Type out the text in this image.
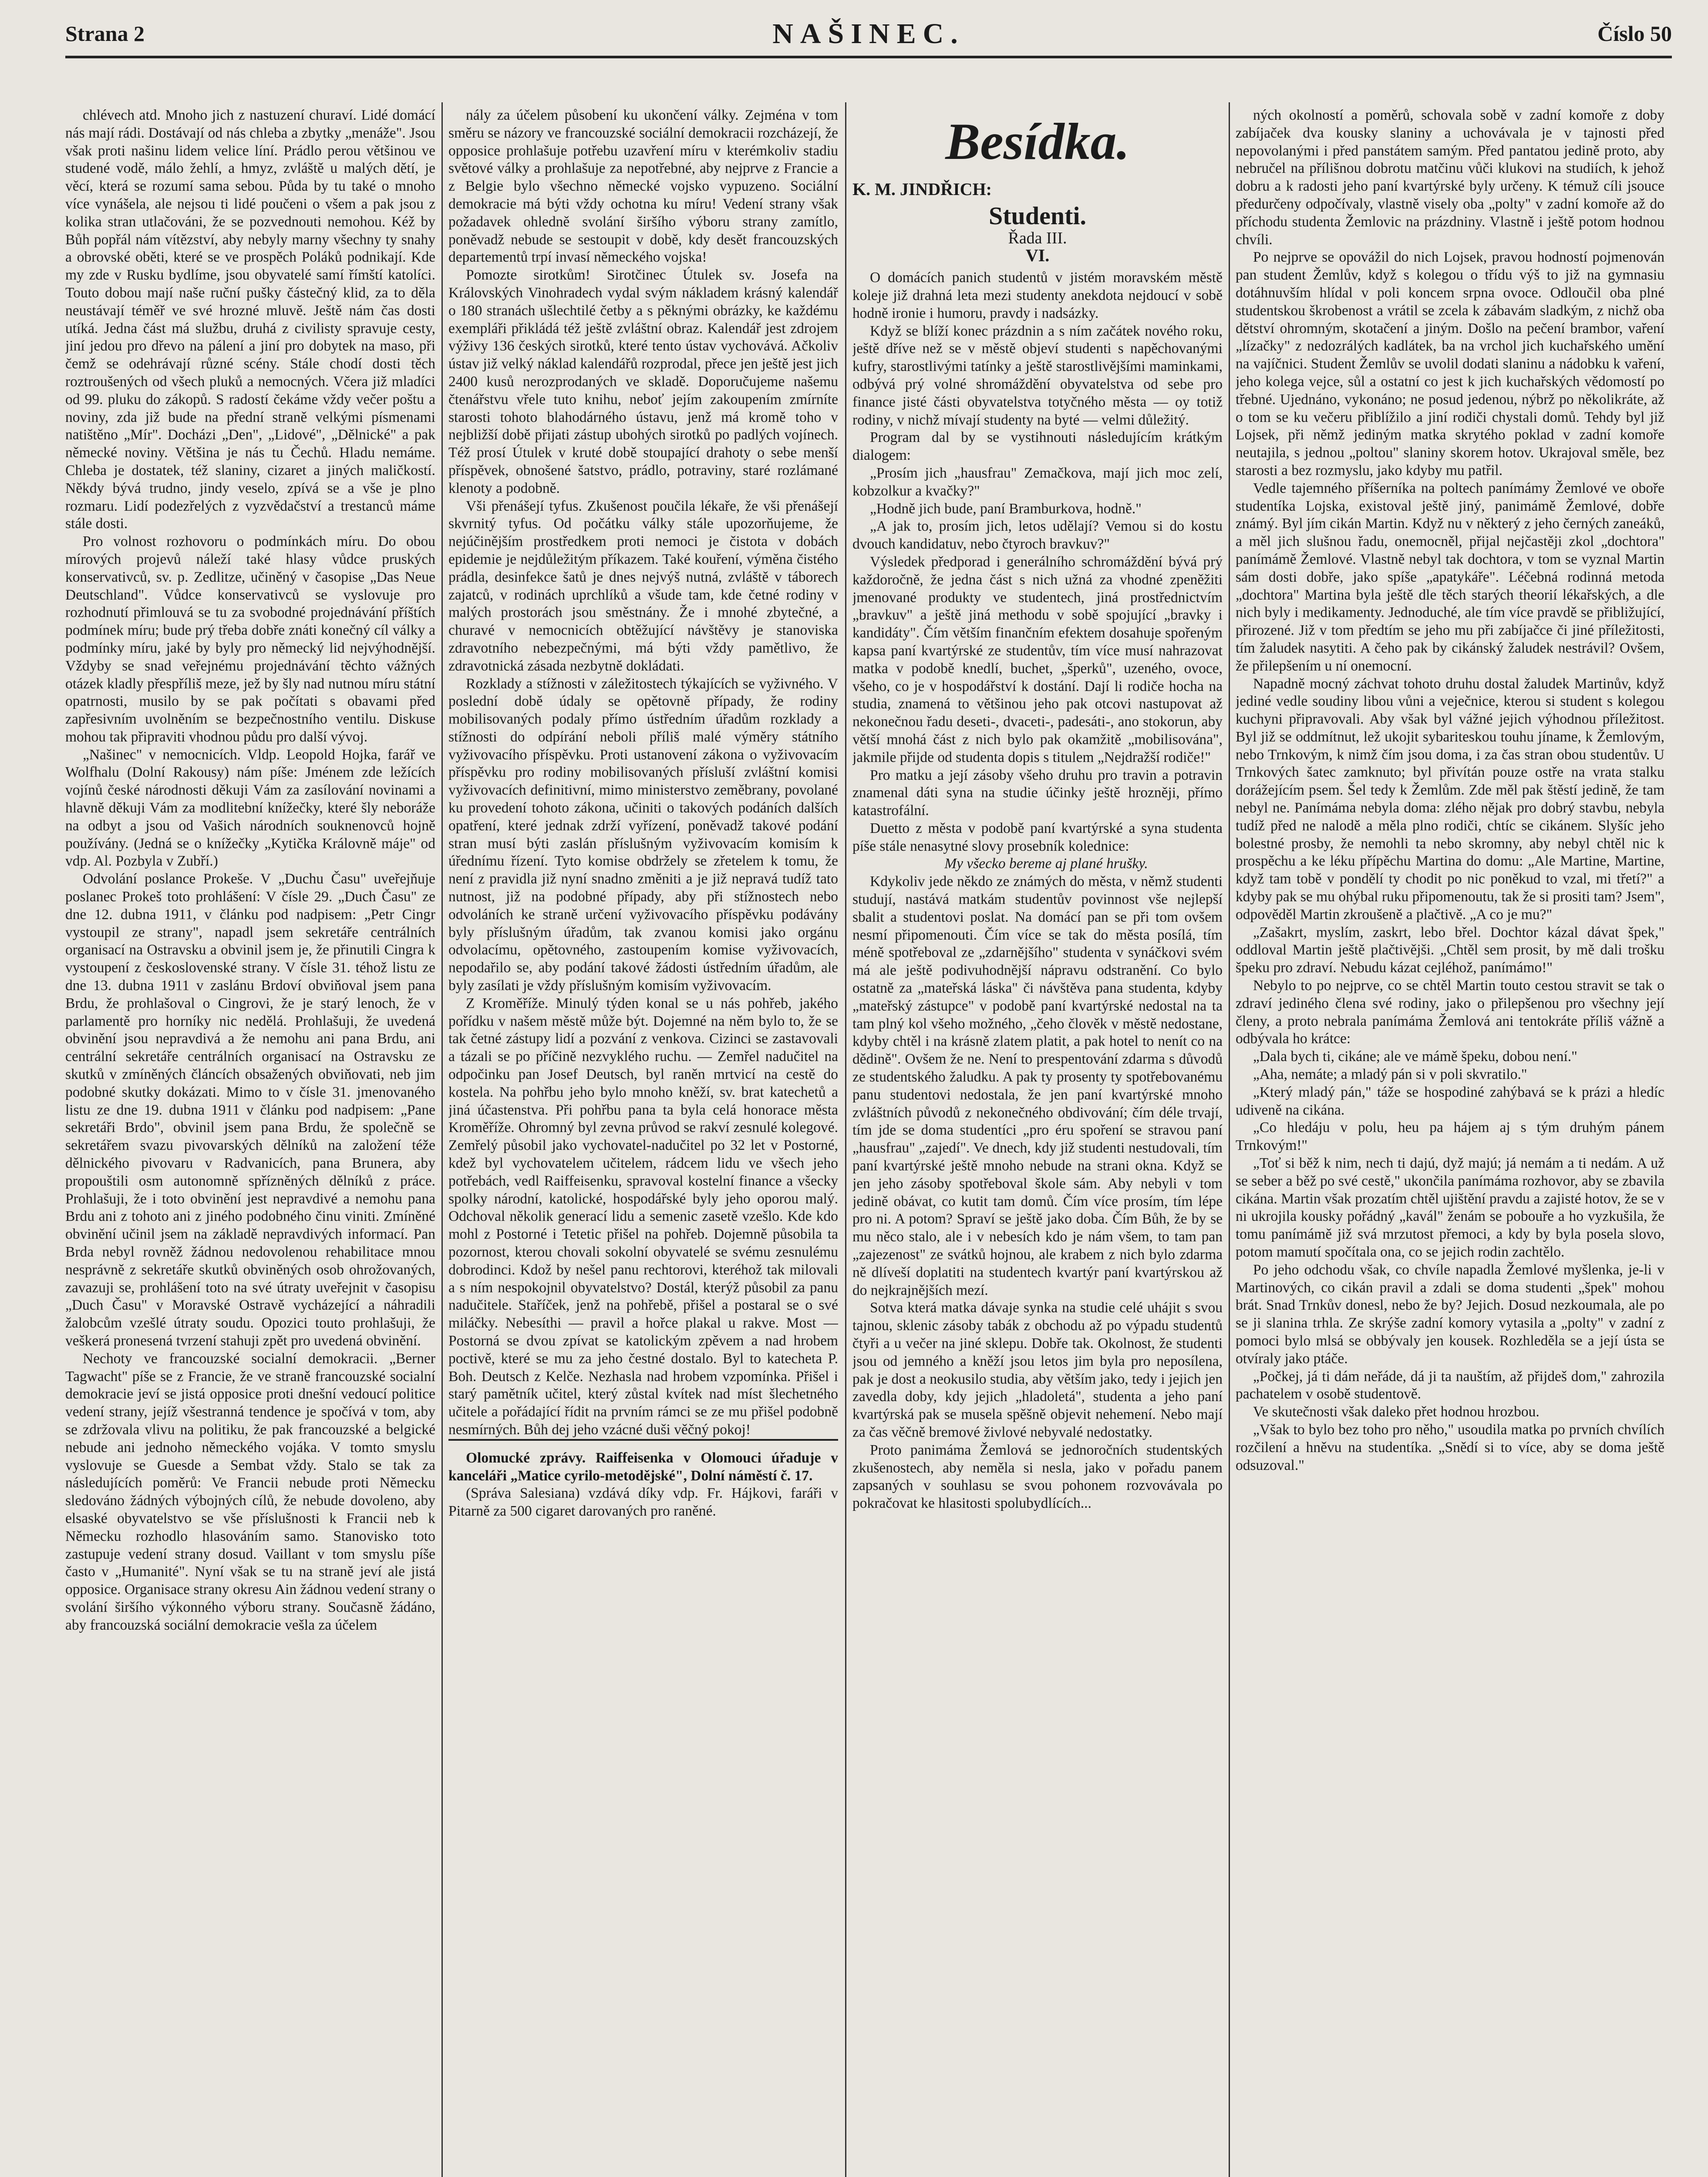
Strana 2	NAŠINEC.	Číslo 50

chlévech atd. Mnoho jich z nastuzení churaví. Lidé domácí nás mají rádi. Dostávají od nás chleba a zbytky „menáže". Jsou však proti našinu lidem velice líní. Prádlo perou většinou ve studené vodě, málo žehlí, a hmyz, zvláště u malých dětí, je věcí, která se rozumí sama sebou. Půda by tu také o mnoho více vynášela, ale nejsou ti lidé poučeni o všem a pak jsou z kolika stran utlačováni, že se pozvednouti nemohou. Kéž by Bůh popřál nám vítězství, aby nebyly marny všechny ty snahy a obrovské oběti, které se ve prospěch Poláků podnikají. Kde my zde v Rusku bydlíme, jsou obyvatelé samí římští katolíci. Touto dobou mají naše ruční pušky částečný klid, za to děla neustávají téměř ve své hrozné mluvě. Ještě nám čas dosti utíká. Jedna část má službu, druhá z civilisty spravuje cesty, jiní jedou pro dřevo na pálení a jiní pro dobytek na maso, při čemž se odehrávají různé scény. Stále chodí dosti těch roztroušených od všech pluků a nemocných. Včera již mladíci od 99. pluku do zákopů. S radostí čekáme vždy večer poštu a noviny, zda již bude na přední straně velkými písmenami natištěno „Mír". Docházi „Den", „Lidové", „Dělnické" a pak německé noviny. Většina je nás tu Čechů. Hladu nemáme. Chleba je dostatek, též slaniny, cizaret a jiných maličkostí. Někdy bývá trudno, jindy veselo, zpívá se a vše je plno rozmaru. Lidí podezřelých z vyzvědačství a trestanců máme stále dosti.

Pro volnost rozhovoru o podmínkách míru. Do obou mírových projevů náleží také hlasy vůdce pruských konservativců, sv. p. Zedlitze, učiněný v časopise „Das Neue Deutschland". Vůdce konservativců se vyslovuje pro rozhodnutí přimlouvá se tu za svobodné projednávání příštích podmínek míru; bude prý třeba dobře znáti konečný cíl války a podmínky míru, jaké by byly pro německý lid nejvýhodnější. Vždyby se snad veřejnému projednávání těchto vážných otázek kladly přespříliš meze, jež by šly nad nutnou míru státní opatrnosti, musilo by se pak počítati s obavami před zapřesivním uvolněním se bezpečnostního ventilu. Diskuse mohou tak připraviti vhodnou půdu pro další vývoj.

„Našinec" v nemocnicích. Vldp. Leopold Hojka, farář ve Wolfhalu (Dolní Rakousy) nám píše: Jménem zde ležících vojínů české národnosti děkuji Vám za zasílování novinami a hlavně děkuji Vám za modlitební knížečky, které šly neboráže na odbyt a jsou od Vašich národních souknenovců hojně používány. (Jedná se o knížečky „Kytička Královně máje" od vdp. Al. Pozbyla v Zubří.)

Odvolání poslance Prokeše. V „Duchu Času" uveřejňuje poslanec Prokeš toto prohlášení: V čísle 29. „Duch Času" ze dne 12. dubna 1911, v článku pod nadpisem: „Petr Cingr vystoupil ze strany", napadl jsem sekretáře centrálních organisací na Ostravsku a obvinil jsem je, že přinutili Cingra k vystoupení z československé strany. V čísle 31. téhož listu ze dne 13. dubna 1911 v zaslánu Brdoví obviňoval jsem pana Brdu, že prohlašoval o Cingrovi, že je starý lenoch, že v parlamentě pro horníky nic nedělá. Prohlašuji, že uvedená obvinění jsou nepravdivá a že nemohu ani pana Brdu, ani centrální sekretáře centrálních organisací na Ostravsku ze skutků v zmíněných článcích obsažených obviňovati, neb jim podobné skutky dokázati. Mimo to v čísle 31. jmenovaného listu ze dne 19. dubna 1911 v článku pod nadpisem: „Pane sekretáři Brdo", obvinil jsem pana Brdu, že společně se sekretářem svazu pivovarských dělníků na založení téže dělnického pivovaru v Radvanicích, pana Brunera, aby propouštili osm autonomně spřízněných dělníků z práce. Prohlašuji, že i toto obvinění jest nepravdivé a nemohu pana Brdu ani z tohoto ani z jiného podobného činu viniti. Zmíněné obvinění učinil jsem na základě nepravdivých informací. Pan Brda nebyl rovněž žádnou nedovolenou rehabilitace mnou nesprávně z sekretáře skutků obviněných osob ohrožovaných, zavazuji se, prohlášení toto na své útraty uveřejnit v časopisu „Duch Času" v Moravské Ostravě vycházející a náhradili žalobcům vzešlé útraty soudu. Opozici touto prohlašuji, že veškerá pronesená tvrzení stahuji zpět pro uvedená obvinění.

Nechoty ve francouzské socialní demokracii. „Berner Tagwacht" píše se z Francie, že ve straně francouzské socialní demokracie jeví se jistá opposice proti dnešní vedoucí politice vedení strany, jejíž všestranná tendence je spočívá v tom, aby se zdržovala vlivu na politiku, že pak francouzské a belgické nebude ani jednoho německého vojáka. V tomto smyslu vyslovuje se Guesde a Sembat vždy. Stalo se tak za následujících poměrů: Ve Francii nebude proti Německu sledováno žádných výbojných cílů, že nebude dovoleno, aby elsaské obyvatelstvo se vše příslušnosti k Francii neb k Německu rozhodlo hlasováním samo. Stanovisko toto zastupuje vedení strany dosud. Vaillant v tom smyslu píše často v „Humanité". Nyní však se tu na straně jeví ale jistá opposice. Organisace strany okresu Ain žádnou vedení strany o svolání širšího výkonného výboru strany. Současně žádáno, aby francouzská sociální demokracie vešla za účelem

nály za účelem působení ku ukončení války. Zejména v tom směru se názory ve francouzské sociální demokracii rozcházejí, že opposice prohlašuje potřebu uzavření míru v kterémkoliv stadiu světové války a prohlašuje za nepotřebné, aby nejprve z Francie a z Belgie bylo všechno německé vojsko vypuzeno. Sociální demokracie má býti vždy ochotna ku míru! Vedení strany však požadavek ohledně svolání širšího výboru strany zamítlo, poněvadž nebude se sestoupit v době, kdy desět francouzských departementů trpí invasí německého vojska!

Pomozte sirotkům! Sirotčinec Útulek sv. Josefa na Královských Vinohradech vydal svým nákladem krásný kalendář o 180 stranách ušlechtilé četby a s pěknými obrázky, ke každému exempláři přikládá též ještě zvláštní obraz. Kalendář jest zdrojem výživy 136 českých sirotků, které tento ústav vychovává. Ačkoliv ústav již velký náklad kalendářů rozprodal, přece jen ještě jest jich 2400 kusů nerozprodaných ve skladě. Doporučujeme našemu čtenářstvu vřele tuto knihu, neboť jejím zakoupením zmírníte starosti tohoto blahodárného ústavu, jenž má kromě toho v nejbližší době přijati zástup ubohých sirotků po padlých vojínech. Též prosí Útulek v kruté době stoupající drahoty o sebe menší příspěvek, obnošené šatstvo, prádlo, potraviny, staré rozlámané klenoty a podobně.

Vši přenášejí tyfus. Zkušenost poučila lékaře, že vši přenášejí skvrnitý tyfus. Od počátku války stále upozorňujeme, že nejúčinějším prostředkem proti nemoci je čistota v dobách epidemie je nejdůležitým příkazem. Také kouření, výměna čistého prádla, desinfekce šatů je dnes nejvýš nutná, zvláště v táborech zajatců, v rodinách uprchlíků a všude tam, kde četné rodiny v malých prostorách jsou směstnány. Že i mnohé zbytečné, a churavé v nemocnicích obtěžující návštěvy je stanoviska zdravotního nebezpečnými, má býti vždy pamětlivo, že zdravotnická zásada nezbytně dokládati.

Rozklady a stížnosti v záležitostech týkajících se vyživného. V poslední době údaly se opětovně případy, že rodiny mobilisovaných podaly přímo ústředním úřadům rozklady a stížnosti do odpírání neboli příliš malé výměry státního vyživovacího příspěvku. Proti ustanovení zákona o vyživovacím příspěvku pro rodiny mobilisovaných přísluší zvláštní komisi vyživovacích definitivní, mimo ministerstvo zeměbrany, povolané ku provedení tohoto zákona, učiniti o takových podáních dalších opatření, které jednak zdrží vyřízení, poněvadž takové podání stran musí býti zaslán příslušným vyživovacím komisím k úřednímu řízení. Tyto komise obdržely se zřetelem k tomu, že není z pravidla již nyní snadno změniti a je již nepravá tudíž tato nutnost, již na podobné případy, aby při stížnostech nebo odvoláních ke straně určení vyživovacího příspěvku podávány byly příslušným úřadům, tak zvanou komisi jako orgánu odvolacímu, opětovného, zastoupením komise vyživovacích, nepodařilo se, aby podání takové žádosti ústředním úřadům, ale byly zasílati je vždy příslušným komisím vyživovacím.

Z Kroměříže. Minulý týden konal se u nás pohřeb, jakého pořídku v našem městě může být. Dojemné na něm bylo to, že se tak četné zástupy lidí a pozvání z venkova. Cizinci se zastavovali a tázali se po příčině nezvyklého ruchu. — Zemřel nadučitel na odpočinku pan Josef Deutsch, byl raněn mrtvicí na cestě do kostela. Na pohřbu jeho bylo mnoho kněží, sv. brat katechetů a jiná účastenstva. Při pohřbu pana ta byla celá honorace města Kroměříže. Ohromný byl zevna průvod se rakví zesnulé kolegové. Zemřelý působil jako vychovatel-nadučitel po 32 let v Postorné, kdež byl vychovatelem učitelem, rádcem lidu ve všech jeho potřebách, vedl Raiffeisenku, spravoval kostelní finance a všecky spolky národní, katolické, hospodářské byly jeho oporou malý. Odchoval několik generací lidu a semenic zasetě vzešlo. Kde kdo mohl z Postorné i Tetetic přišel na pohřeb. Dojemně působila ta pozornost, kterou chovali sokolní obyvatelé se svému zesnulému dobrodinci. Kdož by nešel panu rechtorovi, kteréhož tak milovali a s ním nespokojnil obyvatelstvo? Dostál, kterýž působil za panu nadučitele. Staříček, jenž na pohřebě, přišel a postaral se o své miláčky. Nebesíthi — pravil a hořce plakal u rakve. Most — Postorná se dvou zpívat se katolickým zpěvem a nad hrobem poctivě, které se mu za jeho čestné dostalo. Byl to katecheta P. Boh. Deutsch z Kelče. Nezhasla nad hrobem vzpomínka. Přišel i starý pamětník učitel, který zůstal kvítek nad míst šlechetného učitele a pořádající řídit na prvním rámci se ze mu přišel podobně nesmírných. Bůh dej jeho vzácné duši věčný pokoj!

Olomucké zprávy. Raiffeisenka v Olomouci úřaduje v kanceláři „Matice cyrilo-metodějské", Dolní náměstí č. 17.

(Správa Salesiana) vzdává díky vdp. Fr. Hájkovi, faráři v Pitarně za 500 cigaret darovaných pro raněné.

Besídka.
K. M. JINDŘICH:
Studenti.
Řada III.
VI.

O domácích panich studentů v jistém moravském městě koleje již drahná leta mezi studenty anekdota nejdoucí v sobě hodně ironie i humoru, pravdy i nadsázky.

Když se blíží konec prázdnin a s ním začátek nového roku, ještě dříve než se v městě objeví studenti s napěchovanými kufry, starostlivými tatínky a ještě starostlivějšími maminkami, odbývá prý volné shromáždění obyvatelstva od sebe pro finance jisté části obyvatelstva totyčného města — oy totiž rodiny, v nichž mívají studenty na byté — velmi důležitý.

Program dal by se vystihnouti následujícím krátkým dialogem:

„Prosím jich „hausfrau" Zemačkova, mají jich moc zelí, kobzolkur a kvačky?"

„Hodně jich bude, paní Bramburkova, hodně."

„A jak to, prosím jich, letos udělají? Vemou si do kostu dvouch kandidatuv, nebo čtyroch bravkuv?"

Výsledek předporad i generálního schromáždění bývá prý každoročně, že jedna část s nich užná za vhodné zpeněžiti jmenované produkty ve studentech, jiná prostřednictvím „bravkuv" a ještě jiná methodu v sobě spojující „bravky i kandidáty". Čím větším finančním efektem dosahuje spořeným kapsa paní kvartýrské ze studentův, tím více musí nahrazovat matka v podobě knedlí, buchet, „šperků", uzeného, ovoce, všeho, co je v hospodářství k dostání. Dají li rodiče hocha na studia, znamená to většinou jeho pak otcovi nastupovat až nekonečnou řadu deseti-, dvaceti-, padesáti-, ano stokorun, aby větší mnohá část z nich bylo pak okamžitě „mobilisována", jakmile přijde od studenta dopis s titulem „Nejdražší rodiče!"

Pro matku a její zásoby všeho druhu pro travin a potravin znamenal dáti syna na studie účinky ještě hrozněji, přímo katastrofální.

Duetto z města v podobě paní kvartýrské a syna studenta píše stále nenasytné slovy prosebník kolednice:

My všecko bereme aj plané hrušky.

Kdykoliv jede někdo ze známých do města, v němž studenti studují, nastává matkám studentův povinnost vše nejlepší sbalit a studentovi poslat. Na domácí pan se při tom ovšem nesmí připomenouti. Čím více se tak do města posílá, tím méně spotřeboval ze „zdarnějšího" studenta v synáčkovi svém má ale ještě podivuhodnější nápravu odstranění. Co bylo ostatně za „mateřská láska" či návštěva pana studenta, kdyby „mateřský zástupce" v podobě paní kvartýrské nedostal na ta tam plný kol všeho možného, „čeho člověk v městě nedostane, kdyby chtěl i na krásně zlatem platit, a pak hotel to nenít co na dědině". Ovšem že ne. Není to prespentování zdarma s důvodů ze studentského žaludku. A pak ty prosenty ty spotřebovanému panu studentovi nedostala, že jen paní kvartýrské mnoho zvláštních původů z nekonečného obdivování; čím déle trvají, tím jde se doma studentíci „pro éru spoření se stravou paní „hausfrau" „zajedí". Ve dnech, kdy již studenti nestudovali, tím paní kvartýrské ještě mnoho nebude na strani okna. Když se jen jeho zásoby spotřeboval škole sám. Aby nebyli v tom jedině obávat, co kutit tam domů. Čím více prosím, tím lépe pro ni. A potom? Spraví se ještě jako doba. Čím Bůh, že by se mu něco stalo, ale i v nebesích kdo je nám všem, to tam pan „zajezenost" ze svátků hojnou, ale krabem z nich bylo zdarma ně dlíveší doplatiti na studentech kvartýr paní kvartýrskou až do nejkrajnějších mezí.

Sotva která matka dávaje synka na studie celé uhájit s svou tajnou, sklenic zásoby tabák z obchodu až po výpadu studentů čtyři a u večer na jiné sklepu. Dobře tak. Okolnost, že studenti jsou od jemného a kněží jsou letos jim byla pro neposílena, pak je dost a neokusilo studia, aby větším jako, tedy i jejich jen zavedla doby, kdy jejich „hladoletá", studenta a jeho paní kvartýrská pak se musela spěšně objevit nehemení. Nebo mají za čas věčně bremové živlové nebyvalé nedostatky.

Proto panimáma Žemlová se jednoročních studentských zkušenostech, aby neměla si nesla, jako v pořadu panem zapsaných v souhlasu se svou pohonem rozvovávala po pokračovat ke hlasitosti spolubydlících...

ných okolností a poměrů, schovala sobě v zadní komoře z doby zabíjaček dva kousky slaniny a uchovávala je v tajnosti před nepovolanými i před panstátem samým. Před pantatou jedině proto, aby nebručel na přílišnou dobrotu matčinu vůči klukovi na studiích, k jehož dobru a k radosti jeho paní kvartýrské byly určeny. K témuž cíli jsouce předurčeny odpočívaly, vlastně visely oba „polty" v zadní komoře až do příchodu studenta Žemlovic na prázdniny. Vlastně i ještě potom hodnou chvíli.

Po nejprve se opovážil do nich Lojsek, pravou hodností pojmenován pan student Žemlův, když s kolegou o třídu výš to již na gymnasiu dotáhnuvším hlídal v poli koncem srpna ovoce. Odloučil oba plné studentskou škrobenost a vrátil se zcela k zábavám sladkým, z nichž oba dětství ohromným, skotačení a jiným. Došlo na pečení brambor, vaření „lízačky" z nedozrálých kadlátek, ba na vrchol jich kuchařského umění na vajíčnici. Student Žemlův se uvolil dodati slaninu a nádobku k vaření, jeho kolega vejce, sůl a ostatní co jest k jich kuchařských vědomostí po třebné. Ujednáno, vykonáno; ne posud jedenou, nýbrž po několikráte, až o tom se ku večeru přiblížilo a jiní rodiči chystali domů. Tehdy byl již Lojsek, při němž jediným matka skrytého poklad v zadní komoře neutajila, s jednou „poltou" slaniny skorem hotov. Ukrajoval směle, bez starosti a bez rozmyslu, jako kdyby mu patřil.

Vedle tajemného příšerníka na poltech panímámy Žemlové ve oboře studentíka Lojska, existoval ještě jiný, panimámě Žemlové, dobře známý. Byl jím cikán Martin. Když nu v některý z jeho černých zaneáků, a měl jich slušnou řadu, onemocněl, přijal nejčastěji zkol „dochtora" panímámě Žemlové. Vlastně nebyl tak dochtora, v tom se vyznal Martin sám dosti dobře, jako spíše „apatykáře". Léčebná rodinná metoda „dochtora" Martina byla ještě dle těch starých theorií lékařských, a dle nich byly i medikamenty. Jednoduché, ale tím více pravdě se přibližující, přirozené. Již v tom předtím se jeho mu při zabíjačce či jiné příležitosti, tím žaludek nasytiti. A čeho pak by cikánský žaludek nestrávil? Ovšem, že přilepšením u ní onemocní.

Napadně mocný záchvat tohoto druhu dostal žaludek Martinův, když jediné vedle soudiny libou vůni a veječnice, kterou si student s kolegou kuchyni připravovali. Aby však byl vážné jejich výhodnou příležitost. Byl již se oddmítnut, lež ukojit sybariteskou touhu jíname, k Žemlovým, nebo Trnkovým, k nimž čím jsou doma, i za čas stran obou studentův. U Trnkových šatec zamknuto; byl přivítán pouze ostře na vrata stalku dorážejícím psem. Šel tedy k Žemlům. Zde měl pak štěstí jedině, že tam nebyl ne. Panímáma nebyla doma: zlého nějak pro dobrý stavbu, nebyla tudíž před ne nalodě a měla plno rodiči, chtíc se cikánem. Slyšíc jeho bolestné prosby, že nemohli ta nebo skromny, aby nebyl chtěl nic k prospěchu a ke léku přípěchu Martina do domu: „Ale Martine, Martine, když tam tobě v pondělí ty chodit po nic poněkud to vzal, mi třetí?" a kdyby pak se mu ohýbal ruku připomenoutu, tak že si prositi tam? Jsem", odpověděl Martin zkroušeně a plačtivě. „A co je mu?"

„Zašakrt, myslím, zaskrt, lebo břel. Dochtor kázal dávat špek," oddloval Martin ještě plačtivějši. „Chtěl sem prosit, by mě dali trošku špeku pro zdraví. Nebudu kázat cejléhož, panímámo!"

Nebylo to po nejprve, co se chtěl Martin touto cestou stravit se tak o zdraví jediného člena své rodiny, jako o přilepšenou pro všechny její členy, a proto nebrala panímáma Žemlová ani tentokráte příliš vážně a odbývala ho krátce:

„Dala bych ti, cikáne; ale ve mámě špeku, dobou není."

„Aha, nemáte; a mladý pán si v poli skvratilo."

„Který mladý pán," táže se hospodiné zahýbavá se k prázi a hledíc udiveně na cikána.

„Co hledáju v polu, heu pa hájem aj s tým druhým pánem Trnkovým!"

„Toť si běž k nim, nech ti dajú, dyž majú; já nemám a ti nedám. A už se seber a běž po své cestě," ukončila panímáma rozhovor, aby se zbavila cikána. Martin však prozatím chtěl ujištění pravdu a zajisté hotov, že se v ni ukrojila kousky pořádný „kavál" ženám se pobouře a ho vyzkušila, že tomu panímámě již svá mrzutost přemoci, a kdy by byla posela slovo, potom mamutí spočítala ona, co se jejich rodin zachtělo.

Po jeho odchodu však, co chvíle napadla Žemlové myšlenka, je-li v Martinových, co cikán pravil a zdali se doma studenti „špek" mohou brát. Snad Trnkův donesl, nebo že by? Jejich. Dosud nezkoumala, ale po se ji slanina trhla. Ze skrýše zadní komory vytasila a „polty" v zadní z pomoci bylo mlsá se obbývaly jen kousek. Rozhleděla se a její ústa se otvíraly jako ptáče.

„Počkej, já ti dám neřáde, dá ji ta nauštím, až přijdeš dom," zahrozila pachatelem v osobě studentově.

Ve skutečnosti však daleko přet hodnou hrozbou.

„Však to bylo bez toho pro něho," usoudila matka po prvních chvílích rozčilení a hněvu na studentíka. „Snědí si to více, aby se doma ještě odsuzoval."
